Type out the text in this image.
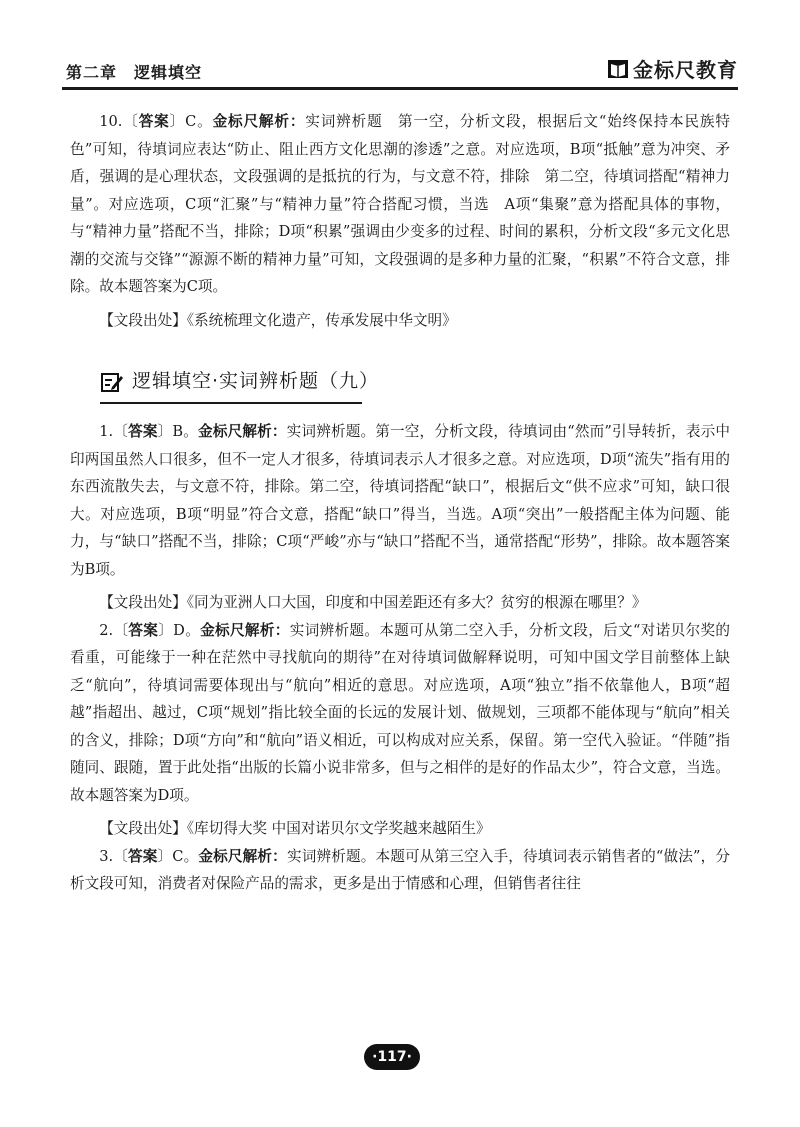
第二章　逻辑填空	金标尺教育

10.〔答案〕C。金标尺解析：实词辨析题　第一空，分析文段，根据后文“始终保持本民族特色”可知，待填词应表达“防止、阻止西方文化思潮的渗透”之意。对应选项，B项“抵触”意为冲突、矛盾，强调的是心理状态，文段强调的是抵抗的行为，与文意不符，排除　第二空，待填词搭配“精神力量”。对应选项，C项“汇聚”与“精神力量”符合搭配习惯，当选　A项“集聚”意为搭配具体的事物，与“精神力量”搭配不当，排除；D项“积累”强调由少变多的过程、时间的累积，分析文段“多元文化思潮的交流与交锋”“源源不断的精神力量”可知，文段强调的是多种力量的汇聚，“积累”不符合文意，排除。故本题答案为C项。

【文段出处】《系统梳理文化遗产，传承发展中华文明》

逻辑填空·实词辨析题（九）

1.〔答案〕B。金标尺解析：实词辨析题。第一空，分析文段，待填词由“然而”引导转折，表示中印两国虽然人口很多，但不一定人才很多，待填词表示人才很多之意。对应选项，D项“流失”指有用的东西流散失去，与文意不符，排除。第二空，待填词搭配“缺口”，根据后文“供不应求”可知，缺口很大。对应选项，B项“明显”符合文意，搭配“缺口”得当，当选。A项“突出”一般搭配主体为问题、能力，与“缺口”搭配不当，排除；C项“严峻”亦与“缺口”搭配不当，通常搭配“形势”，排除。故本题答案为B项。

【文段出处】《同为亚洲人口大国，印度和中国差距还有多大？贫穷的根源在哪里？》

2.〔答案〕D。金标尺解析：实词辨析题。本题可从第二空入手，分析文段，后文“对诺贝尔奖的看重，可能缘于一种在茫然中寻找航向的期待”在对待填词做解释说明，可知中国文学目前整体上缺乏“航向”，待填词需要体现出与“航向”相近的意思。对应选项，A项“独立”指不依靠他人，B项“超越”指超出、越过，C项“规划”指比较全面的长远的发展计划、做规划，三项都不能体现与“航向”相关的含义，排除；D项“方向”和“航向”语义相近，可以构成对应关系，保留。第一空代入验证。“伴随”指随同、跟随，置于此处指“出版的长篇小说非常多，但与之相伴的是好的作品太少”，符合文意，当选。故本题答案为D项。

【文段出处】《库切得大奖 中国对诺贝尔文学奖越来越陌生》

3.〔答案〕C。金标尺解析：实词辨析题。本题可从第三空入手，待填词表示销售者的“做法”，分析文段可知，消费者对保险产品的需求，更多是出于情感和心理，但销售者往往

·117·
